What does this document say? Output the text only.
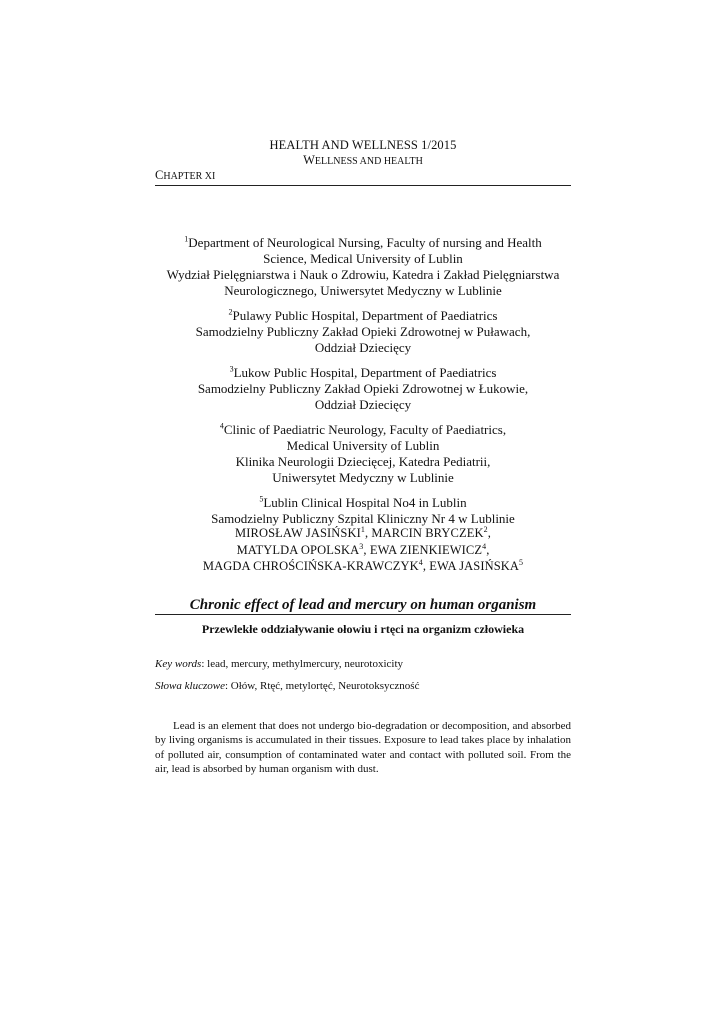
HEALTH AND WELLNESS 1/2015
WELLNESS AND HEALTH
CHAPTER XI
$^1$Department of Neurological Nursing, Faculty of nursing and Health
Science, Medical University of Lublin
Wydział Pielęgniarstwa i Nauk o Zdrowiu, Katedra i Zakład Pielęgniarstwa
Neurologicznego, Uniwersytet Medyczny w Lublinie
$^2$Pulawy Public Hospital, Department of Paediatrics
Samodzielny Publiczny Zakład Opieki Zdrowotnej w Puławach,
Oddział Dziecięcy
$^3$Lukow Public Hospital, Department of Paediatrics
Samodzielny Publiczny Zakład Opieki Zdrowotnej w Łukowie,
Oddział Dziecięcy
$^4$Clinic of Paediatric Neurology, Faculty of Paediatrics,
Medical University of Lublin
Klinika Neurologii Dziecięcej, Katedra Pediatrii,
Uniwersytet Medyczny w Lublinie
$^5$Lublin Clinical Hospital No4 in Lublin
Samodzielny Publiczny Szpital Kliniczny Nr 4 w Lublinie
MIROSŁAW JASIŃSKI$^1$, MARCIN BRYCZEK$^2$,
MATYLDA OPOLSKA$^3$, EWA ZIENKIEWICZ$^4$,
MAGDA CHROŚCIŃSKA-KRAWCZYK$^4$, EWA JASIŃSKA$^5$
Chronic effect of lead and mercury on human organism
Przewlekłe oddziaływanie ołowiu i rtęci na organizm człowieka
Key words: lead, mercury, methylmercury, neurotoxicity
Słowa kluczowe: Ołów, Rtęć, metylortęć, Neurotoksyczność
Lead is an element that does not undergo bio-degradation or decomposition, and absorbed by living organisms is accumulated in their tissues. Exposure to lead takes place by inhalation of polluted air, consumption of contaminated water and contact with polluted soil. From the air, lead is absorbed by human organism with dust.
